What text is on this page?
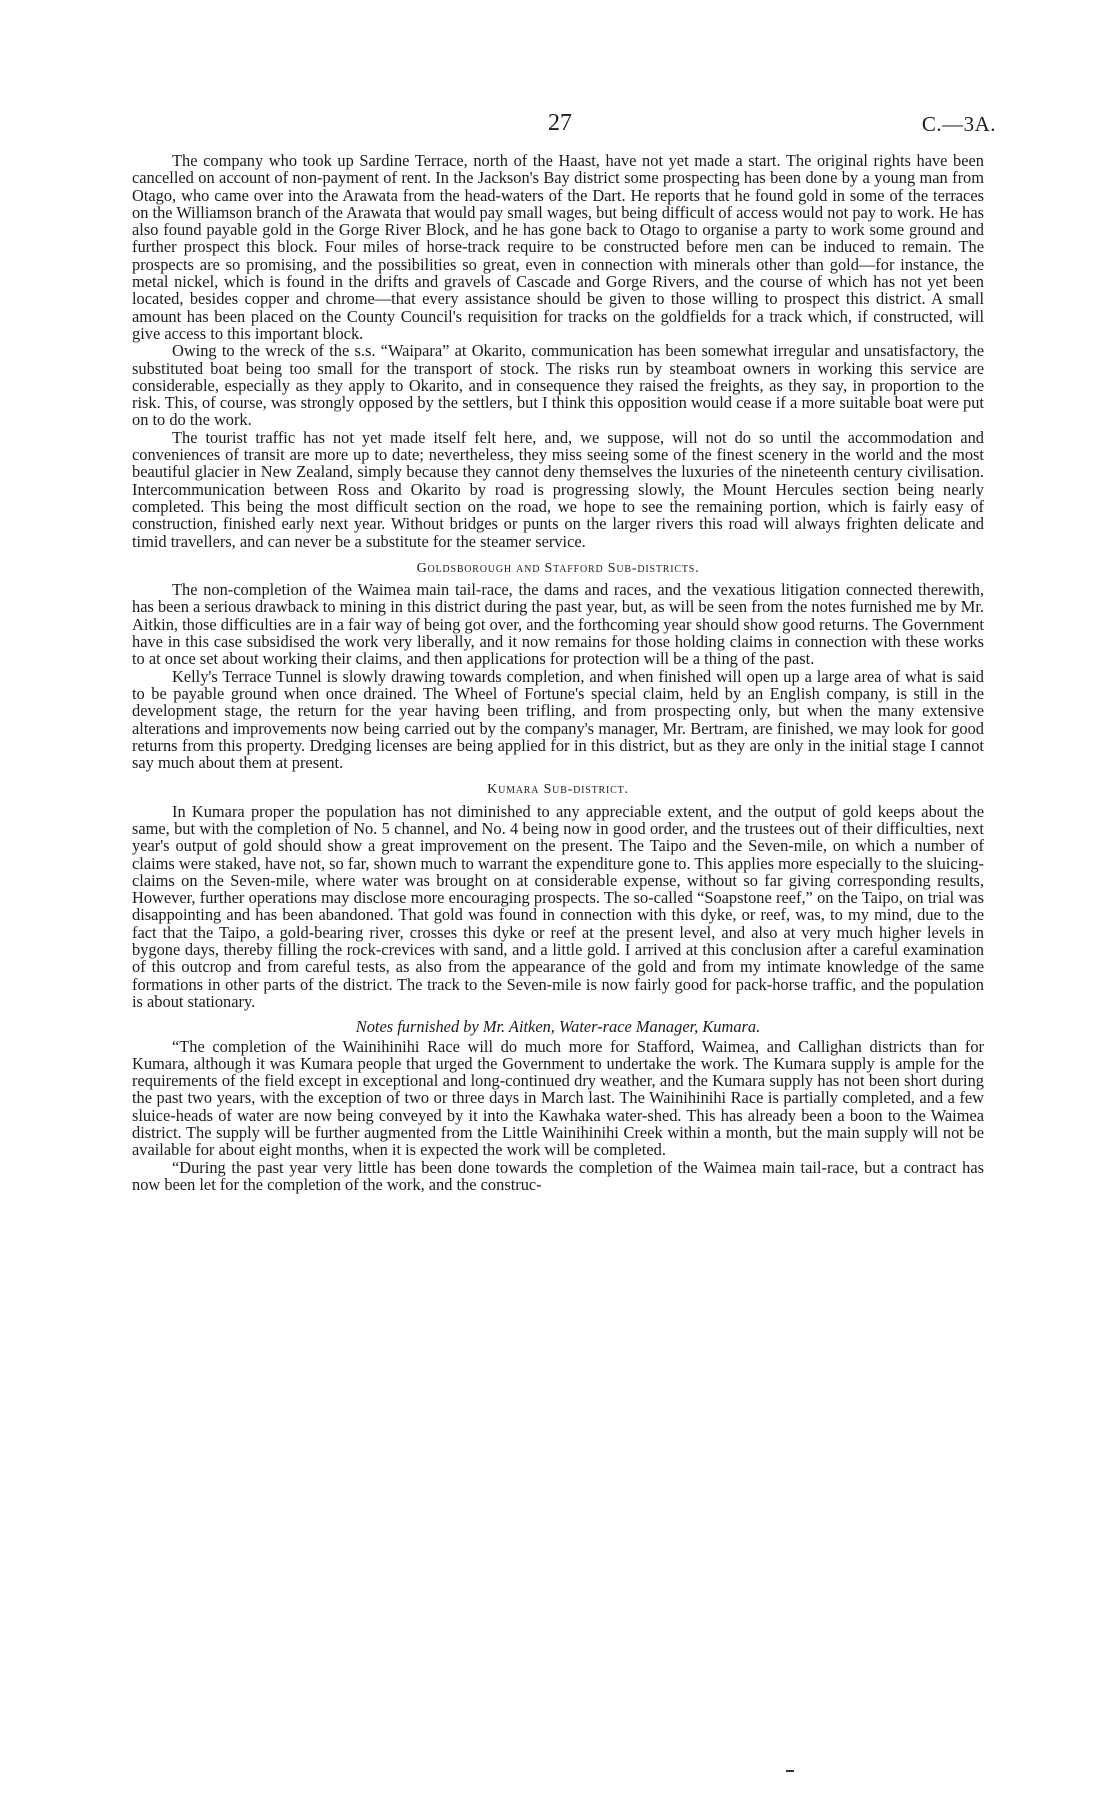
27	C.—3A.

The company who took up Sardine Terrace, north of the Haast, have not yet made a start. The original rights have been cancelled on account of non-payment of rent. In the Jackson's Bay district some prospecting has been done by a young man from Otago, who came over into the Arawata from the head-waters of the Dart. He reports that he found gold in some of the terraces on the Williamson branch of the Arawata that would pay small wages, but being difficult of access would not pay to work. He has also found payable gold in the Gorge River Block, and he has gone back to Otago to organise a party to work some ground and further prospect this block. Four miles of horse-track require to be constructed before men can be induced to remain. The prospects are so promising, and the possibilities so great, even in connection with minerals other than gold—for instance, the metal nickel, which is found in the drifts and gravels of Cascade and Gorge Rivers, and the course of which has not yet been located, besides copper and chrome—that every assistance should be given to those willing to prospect this district. A small amount has been placed on the County Council's requisition for tracks on the goldfields for a track which, if constructed, will give access to this important block.

Owing to the wreck of the s.s. “Waipara” at Okarito, communication has been somewhat irregular and unsatisfactory, the substituted boat being too small for the transport of stock. The risks run by steamboat owners in working this service are considerable, especially as they apply to Okarito, and in consequence they raised the freights, as they say, in proportion to the risk. This, of course, was strongly opposed by the settlers, but I think this opposition would cease if a more suitable boat were put on to do the work.

The tourist traffic has not yet made itself felt here, and, we suppose, will not do so until the accommodation and conveniences of transit are more up to date; nevertheless, they miss seeing some of the finest scenery in the world and the most beautiful glacier in New Zealand, simply because they cannot deny themselves the luxuries of the nineteenth century civilisation. Intercommunication between Ross and Okarito by road is progressing slowly, the Mount Hercules section being nearly completed. This being the most difficult section on the road, we hope to see the remaining portion, which is fairly easy of construction, finished early next year. Without bridges or punts on the larger rivers this road will always frighten delicate and timid travellers, and can never be a substitute for the steamer service.

Goldsborough and Stafford Sub-districts.

The non-completion of the Waimea main tail-race, the dams and races, and the vexatious litigation connected therewith, has been a serious drawback to mining in this district during the past year, but, as will be seen from the notes furnished me by Mr. Aitkin, those difficulties are in a fair way of being got over, and the forthcoming year should show good returns. The Government have in this case subsidised the work very liberally, and it now remains for those holding claims in connection with these works to at once set about working their claims, and then applications for protection will be a thing of the past.

Kelly's Terrace Tunnel is slowly drawing towards completion, and when finished will open up a large area of what is said to be payable ground when once drained. The Wheel of Fortune's special claim, held by an English company, is still in the development stage, the return for the year having been trifling, and from prospecting only, but when the many extensive alterations and improvements now being carried out by the company's manager, Mr. Bertram, are finished, we may look for good returns from this property. Dredging licenses are being applied for in this district, but as they are only in the initial stage I cannot say much about them at present.

Kumara Sub-district.

In Kumara proper the population has not diminished to any appreciable extent, and the output of gold keeps about the same, but with the completion of No. 5 channel, and No. 4 being now in good order, and the trustees out of their difficulties, next year's output of gold should show a great improvement on the present. The Taipo and the Seven-mile, on which a number of claims were staked, have not, so far, shown much to warrant the expenditure gone to. This applies more especially to the sluicing-claims on the Seven-mile, where water was brought on at considerable expense, without so far giving corresponding results, However, further operations may disclose more encouraging prospects. The so-called “Soapstone reef,” on the Taipo, on trial was disappointing and has been abandoned. That gold was found in connection with this dyke, or reef, was, to my mind, due to the fact that the Taipo, a gold-bearing river, crosses this dyke or reef at the present level, and also at very much higher levels in bygone days, thereby filling the rock-crevices with sand, and a little gold. I arrived at this conclusion after a careful examination of this outcrop and from careful tests, as also from the appearance of the gold and from my intimate knowledge of the same formations in other parts of the district. The track to the Seven-mile is now fairly good for pack-horse traffic, and the population is about stationary.

Notes furnished by Mr. Aitken, Water-race Manager, Kumara.

“The completion of the Wainihinihi Race will do much more for Stafford, Waimea, and Callighan districts than for Kumara, although it was Kumara people that urged the Government to undertake the work. The Kumara supply is ample for the requirements of the field except in exceptional and long-continued dry weather, and the Kumara supply has not been short during the past two years, with the exception of two or three days in March last. The Wainihinihi Race is partially completed, and a few sluice-heads of water are now being conveyed by it into the Kawhaka water-shed. This has already been a boon to the Waimea district. The supply will be further augmented from the Little Wainihinihi Creek within a month, but the main supply will not be available for about eight months, when it is expected the work will be completed.

“During the past year very little has been done towards the completion of the Waimea main tail-race, but a contract has now been let for the completion of the work, and the construc-
